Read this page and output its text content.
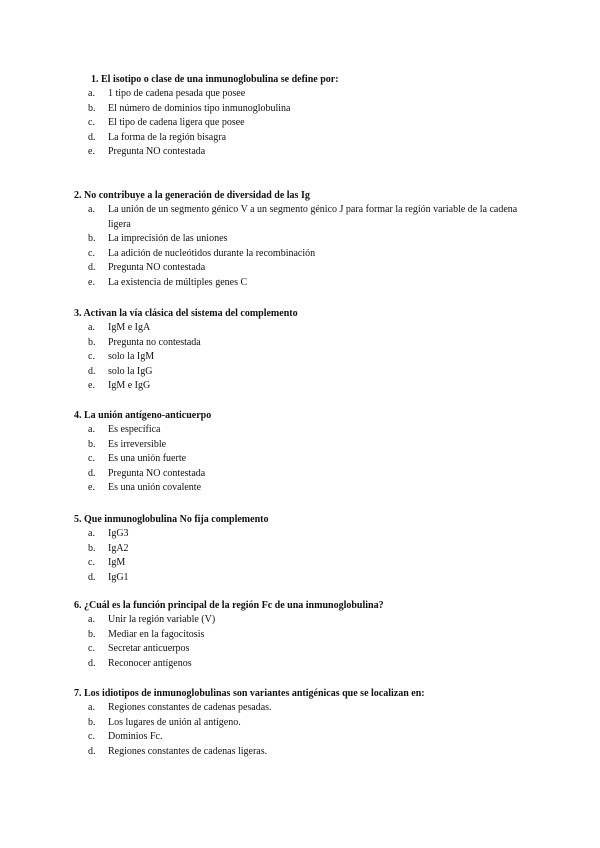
1. El isotipo o clase de una inmunoglobulina se define por:
a. 1 tipo de cadena pesada que posee
b. El número de dominios tipo inmunoglobulina
c. El tipo de cadena ligera que posee
d. La forma de la región bisagra
e. Pregunta NO contestada
2. No contribuye a la generación de diversidad de las Ig
a. La unión de un segmento génico V a un segmento génico J para formar la región variable de la cadena ligera
b. La imprecisión de las uniones
c. La adición de nucleótidos durante la recombinación
d. Pregunta NO contestada
e. La existencia de múltiples genes C
3. Activan la vía clásica del sistema del complemento
a. IgM e IgA
b. Pregunta no contestada
c. solo la IgM
d. solo la IgG
e. IgM e IgG
4. La unión antígeno-anticuerpo
a. Es específica
b. Es irreversible
c. Es una unión fuerte
d. Pregunta NO contestada
e. Es una unión covalente
5. Que inmunoglobulina No fija complemento
a. IgG3
b. IgA2
c. IgM
d. IgG1
6. ¿Cuál es la función principal de la región Fc de una inmunoglobulina?
a. Unir la región variable (V)
b. Mediar en la fagocitosis
c. Secretar anticuerpos
d. Reconocer antígenos
7. Los idiotipos de inmunoglobulinas son variantes antigénicas que se localizan en:
a. Regiones constantes de cadenas pesadas.
b. Los lugares de unión al antígeno.
c. Dominios Fc.
d. Regiones constantes de cadenas ligeras.
